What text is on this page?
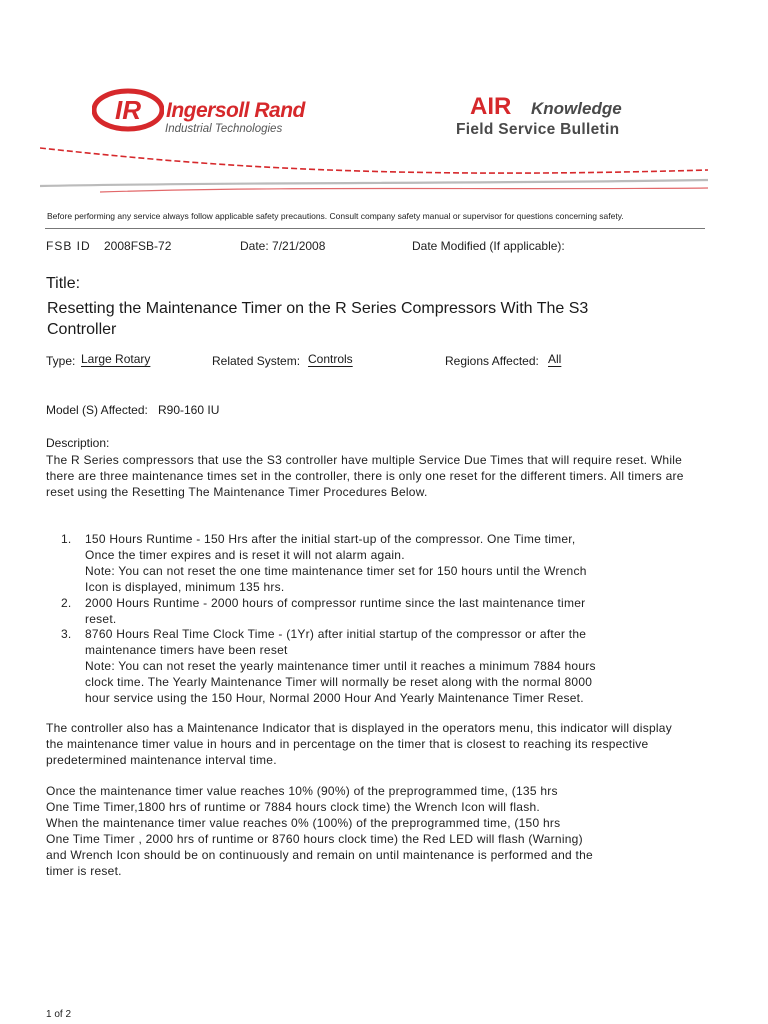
IR Ingersoll Rand
Industrial Technologies
AIR Knowledge
Field Service Bulletin
Before performing any service always follow applicable safety precautions. Consult company safety manual or supervisor for questions concerning safety.
FSB ID 2008FSB-72	Date: 7/21/2008	Date Modified (If applicable):
Title:
Resetting the Maintenance Timer on the R Series Compressors With The S3 Controller
Type: Large Rotary	Related System: Controls	Regions Affected: All
Model (S) Affected: R90-160 IU
Description:
The R Series compressors that use the S3 controller have multiple Service Due Times that will require reset. While there are three maintenance times set in the controller, there is only one reset for the different timers. All timers are reset using the Resetting The Maintenance Timer Procedures Below.
1. 150 Hours Runtime - 150 Hrs after the initial start-up of the compressor. One Time timer,
Once the timer expires and is reset it will not alarm again.
Note: You can not reset the one time maintenance timer set for 150 hours until the Wrench
Icon is displayed, minimum 135 hrs.
2. 2000 Hours Runtime - 2000 hours of compressor runtime since the last maintenance timer
reset.
3. 8760 Hours Real Time Clock Time - (1Yr) after initial startup of the compressor or after the
maintenance timers have been reset
Note: You can not reset the yearly maintenance timer until it reaches a minimum 7884 hours
clock time. The Yearly Maintenance Timer will normally be reset along with the normal 8000
hour service using the 150 Hour, Normal 2000 Hour And Yearly Maintenance Timer Reset.
The controller also has a Maintenance Indicator that is displayed in the operators menu, this indicator will display the maintenance timer value in hours and in percentage on the timer that is closest to reaching its respective predetermined maintenance interval time.
Once the maintenance timer value reaches 10% (90%) of the preprogrammed time, (135 hrs
One Time Timer,1800 hrs of runtime or 7884 hours clock time) the Wrench Icon will flash.
When the maintenance timer value reaches 0% (100%) of the preprogrammed time, (150 hrs
One Time Timer , 2000 hrs of runtime or 8760 hours clock time) the Red LED will flash (Warning)
and Wrench Icon should be on continuously and remain on until maintenance is performed and the
timer is reset.
1 of 2
